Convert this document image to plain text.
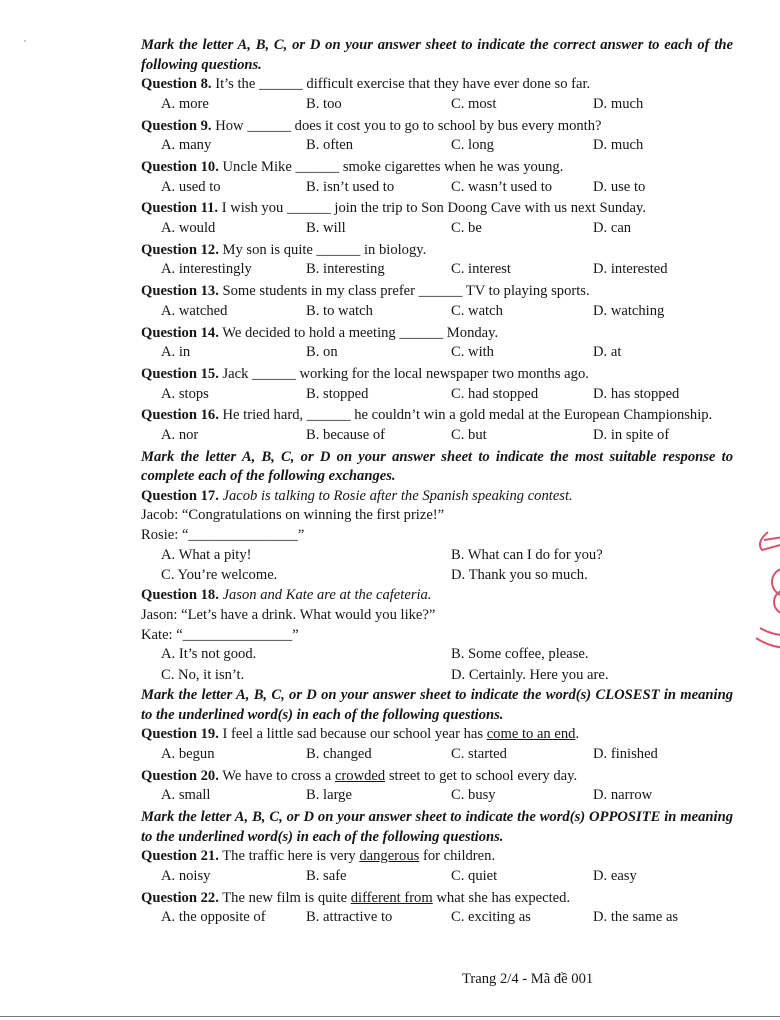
Mark the letter A, B, C, or D on your answer sheet to indicate the correct answer to each of the following questions.
Question 8. It’s the ______ difficult exercise that they have ever done so far.
A. more	B. too	C. most	D. much
Question 9. How ______ does it cost you to go to school by bus every month?
A. many	B. often	C. long	D. much
Question 10. Uncle Mike ______ smoke cigarettes when he was young.
A. used to	B. isn’t used to	C. wasn’t used to	D. use to
Question 11. I wish you ______ join the trip to Son Doong Cave with us next Sunday.
A. would	B. will	C. be	D. can
Question 12. My son is quite ______ in biology.
A. interestingly	B. interesting	C. interest	D. interested
Question 13. Some students in my class prefer ______ TV to playing sports.
A. watched	B. to watch	C. watch	D. watching
Question 14. We decided to hold a meeting ______ Monday.
A. in	B. on	C. with	D. at
Question 15. Jack ______ working for the local newspaper two months ago.
A. stops	B. stopped	C. had stopped	D. has stopped
Question 16. He tried hard, ______ he couldn’t win a gold medal at the European Championship.
A. nor	B. because of	C. but	D. in spite of
Mark the letter A, B, C, or D on your answer sheet to indicate the most suitable response to complete each of the following exchanges.
Question 17. Jacob is talking to Rosie after the Spanish speaking contest.
Jacob: “Congratulations on winning the first prize!”
Rosie: “_______________”
A. What a pity!	B. What can I do for you?
C. You’re welcome.	D. Thank you so much.
Question 18. Jason and Kate are at the cafeteria.
Jason: “Let’s have a drink. What would you like?”
Kate: “_______________”
A. It’s not good.	B. Some coffee, please.
C. No, it isn’t.	D. Certainly. Here you are.
Mark the letter A, B, C, or D on your answer sheet to indicate the word(s) CLOSEST in meaning to the underlined word(s) in each of the following questions.
Question 19. I feel a little sad because our school year has come to an end.
A. begun	B. changed	C. started	D. finished
Question 20. We have to cross a crowded street to get to school every day.
A. small	B. large	C. busy	D. narrow
Mark the letter A, B, C, or D on your answer sheet to indicate the word(s) OPPOSITE in meaning to the underlined word(s) in each of the following questions.
Question 21. The traffic here is very dangerous for children.
A. noisy	B. safe	C. quiet	D. easy
Question 22. The new film is quite different from what she has expected.
A. the opposite of	B. attractive to	C. exciting as	D. the same as
Trang 2/4 - Mã đề 001
